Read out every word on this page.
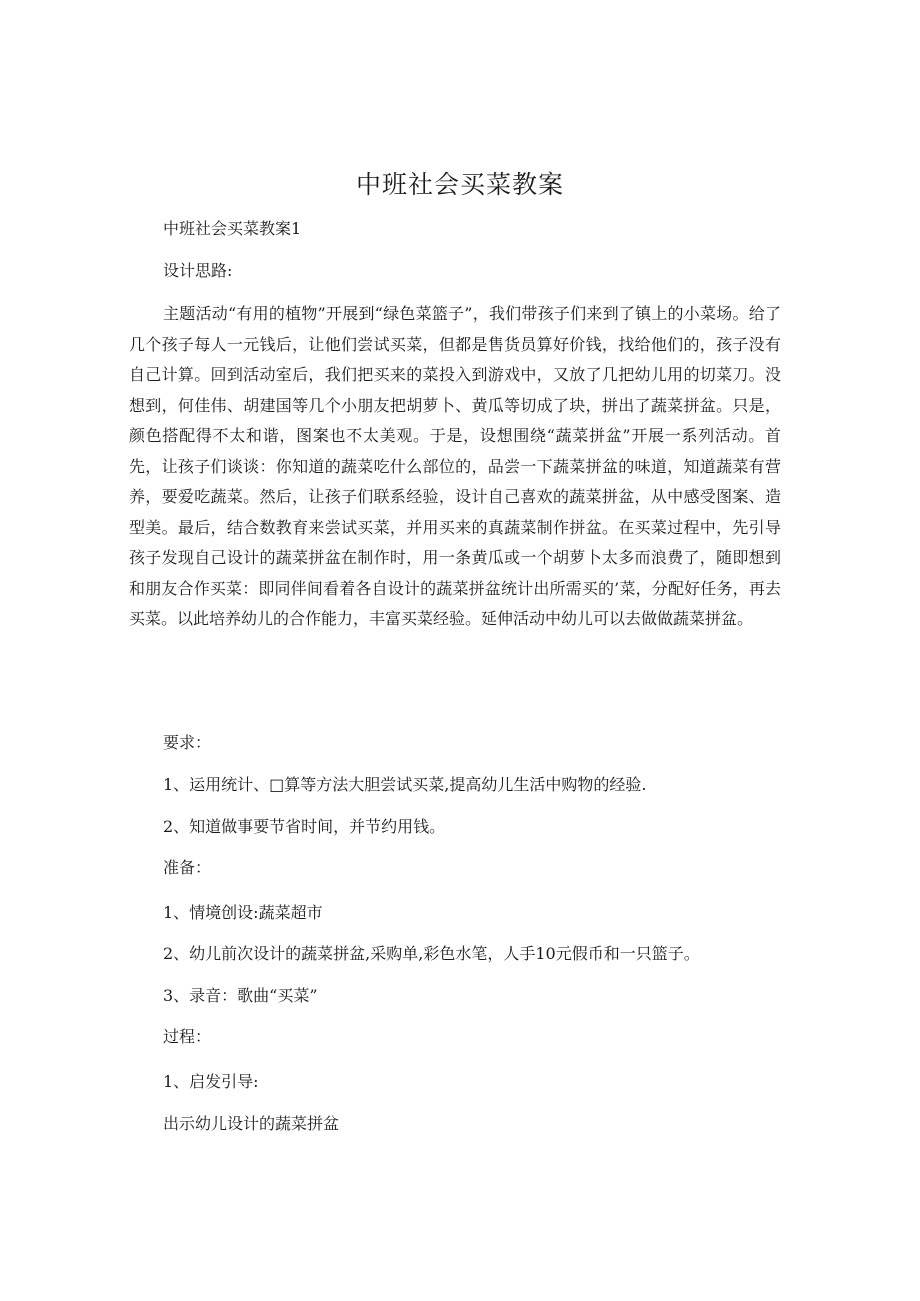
中班社会买菜教案
中班社会买菜教案1
设计思路:

主题活动“有用的植物”开展到“绿色菜篮子”，我们带孩子们来到了镇上的小菜场。给了几个孩子每人一元钱后，让他们尝试买菜，但都是售货员算好价钱，找给他们的，孩子没有自己计算。回到活动室后，我们把买来的菜投入到游戏中，又放了几把幼儿用的切菜刀。没想到，何佳伟、胡建国等几个小朋友把胡萝卜、黄瓜等切成了块，拼出了蔬菜拼盆。只是，颜色搭配得不太和谐，图案也不太美观。于是，设想围绕“蔬菜拼盆”开展一系列活动。首先，让孩子们谈谈：你知道的蔬菜吃什么部位的，品尝一下蔬菜拼盆的味道，知道蔬菜有营养，要爱吃蔬菜。然后，让孩子们联系经验，设计自己喜欢的蔬菜拼盆，从中感受图案、造型美。最后，结合数教育来尝试买菜，并用买来的真蔬菜制作拼盆。在买菜过程中，先引导孩子发现自己设计的蔬菜拼盆在制作时，用一条黄瓜或一个胡萝卜太多而浪费了，随即想到和朋友合作买菜：即同伴间看着各自设计的蔬菜拼盆统计出所需买的’菜，分配好任务，再去买菜。以此培养幼儿的合作能力，丰富买菜经验。延伸活动中幼儿可以去做做蔬菜拼盆。

要求：
1、运用统计、□算等方法大胆尝试买菜,提高幼儿生活中购物的经验.
2、知道做事要节省时间，并节约用钱。
准备：
1、情境创设:蔬菜超市
2、幼儿前次设计的蔬菜拼盆,采购单,彩色水笔，人手10元假币和一只篮子。
3、录音：歌曲“买菜”
过程：
1、启发引导:
出示幼儿设计的蔬菜拼盆
